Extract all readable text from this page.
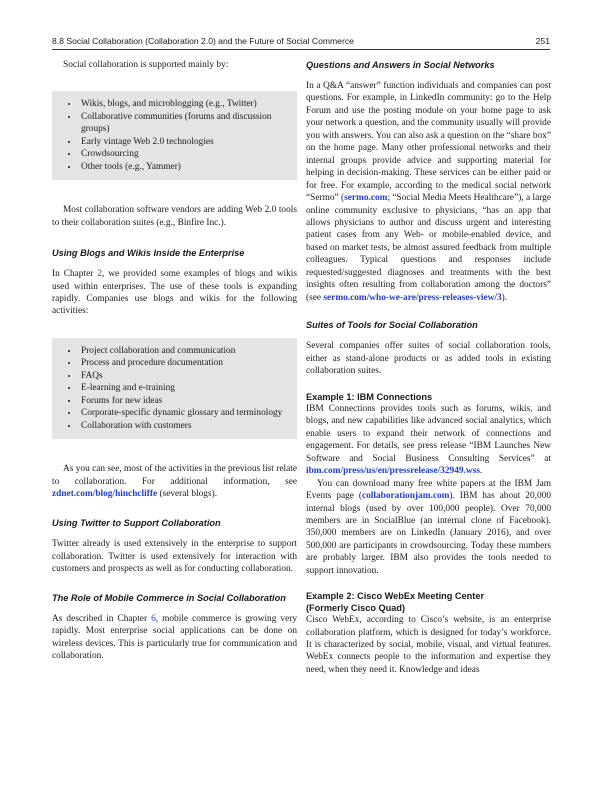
8.8 Social Collaboration (Collaboration 2.0) and the Future of Social Commerce	251

Social collaboration is supported mainly by:

• Wikis, blogs, and microblogging (e.g., Twitter)
• Collaborative communities (forums and discussion groups)
• Early vintage Web 2.0 technologies
• Crowdsourcing
• Other tools (e.g., Yammer)

Most collaboration software vendors are adding Web 2.0 tools to their collaboration suites (e.g., Binfire Inc.).

Using Blogs and Wikis Inside the Enterprise

In Chapter 2, we provided some examples of blogs and wikis used within enterprises. The use of these tools is expanding rapidly. Companies use blogs and wikis for the following activities:

• Project collaboration and communication
• Process and procedure documentation
• FAQs
• E-learning and e-training
• Forums for new ideas
• Corporate-specific dynamic glossary and terminology
• Collaboration with customers

As you can see, most of the activities in the previous list relate to collaboration. For additional information, see zdnet.com/blog/hinchcliffe (several blogs).

Using Twitter to Support Collaboration

Twitter already is used extensively in the enterprise to support collaboration. Twitter is used extensively for interaction with customers and prospects as well as for conducting collaboration.

The Role of Mobile Commerce in Social Collaboration

As described in Chapter 6, mobile commerce is growing very rapidly. Most enterprise social applications can be done on wireless devices. This is particularly true for communication and collaboration.

Questions and Answers in Social Networks

In a Q&A “answer” function individuals and companies can post questions. For example, in LinkedIn community: go to the Help Forum and use the posting module on your home page to ask your network a question, and the community usually will provide you with answers. You can also ask a question on the “share box” on the home page. Many other professional networks and their internal groups provide advice and supporting material for helping in decision-making. These services can be either paid or for free. For example, according to the medical social network “Sermo” (sermo.com; “Social Media Meets Healthcare”), a large online community exclusive to physicians, “has an app that allows physicians to author and discuss urgent and interesting patient cases from any Web- or mobile-enabled device, and based on market tests, be almost assured feedback from multiple colleagues. Typical questions and responses include requested/suggested diagnoses and treatments with the best insights often resulting from collaboration among the doctors” (see sermo.com/who-we-are/press-releases-view/3).

Suites of Tools for Social Collaboration

Several companies offer suites of social collaboration tools, either as stand-alone products or as added tools in existing collaboration suites.

Example 1: IBM Connections

IBM Connections provides tools such as forums, wikis, and blogs, and new capabilities like advanced social analytics, which enable users to expand their network of connections and engagement. For details, see press release “IBM Launches New Software and Social Business Consulting Services” at ibm.com/press/us/en/pressrelease/32949.wss.

You can download many free white papers at the IBM Jam Events page (collaborationjam.com). IBM has about 20,000 internal blogs (used by over 100,000 people). Over 70,000 members are in SocialBlue (an internal clone of Facebook). 350,000 members are on LinkedIn (January 2016), and over 500,000 are participants in crowdsourcing. Today these numbers are probably larger. IBM also provides the tools needed to support innovation.

Example 2: Cisco WebEx Meeting Center
(Formerly Cisco Quad)

Cisco WebEx, according to Cisco’s website, is an enterprise collaboration platform, which is designed for today’s workforce. It is characterized by social, mobile, visual, and virtual features. WebEx connects people to the information and expertise they need, when they need it. Knowledge and ideas
